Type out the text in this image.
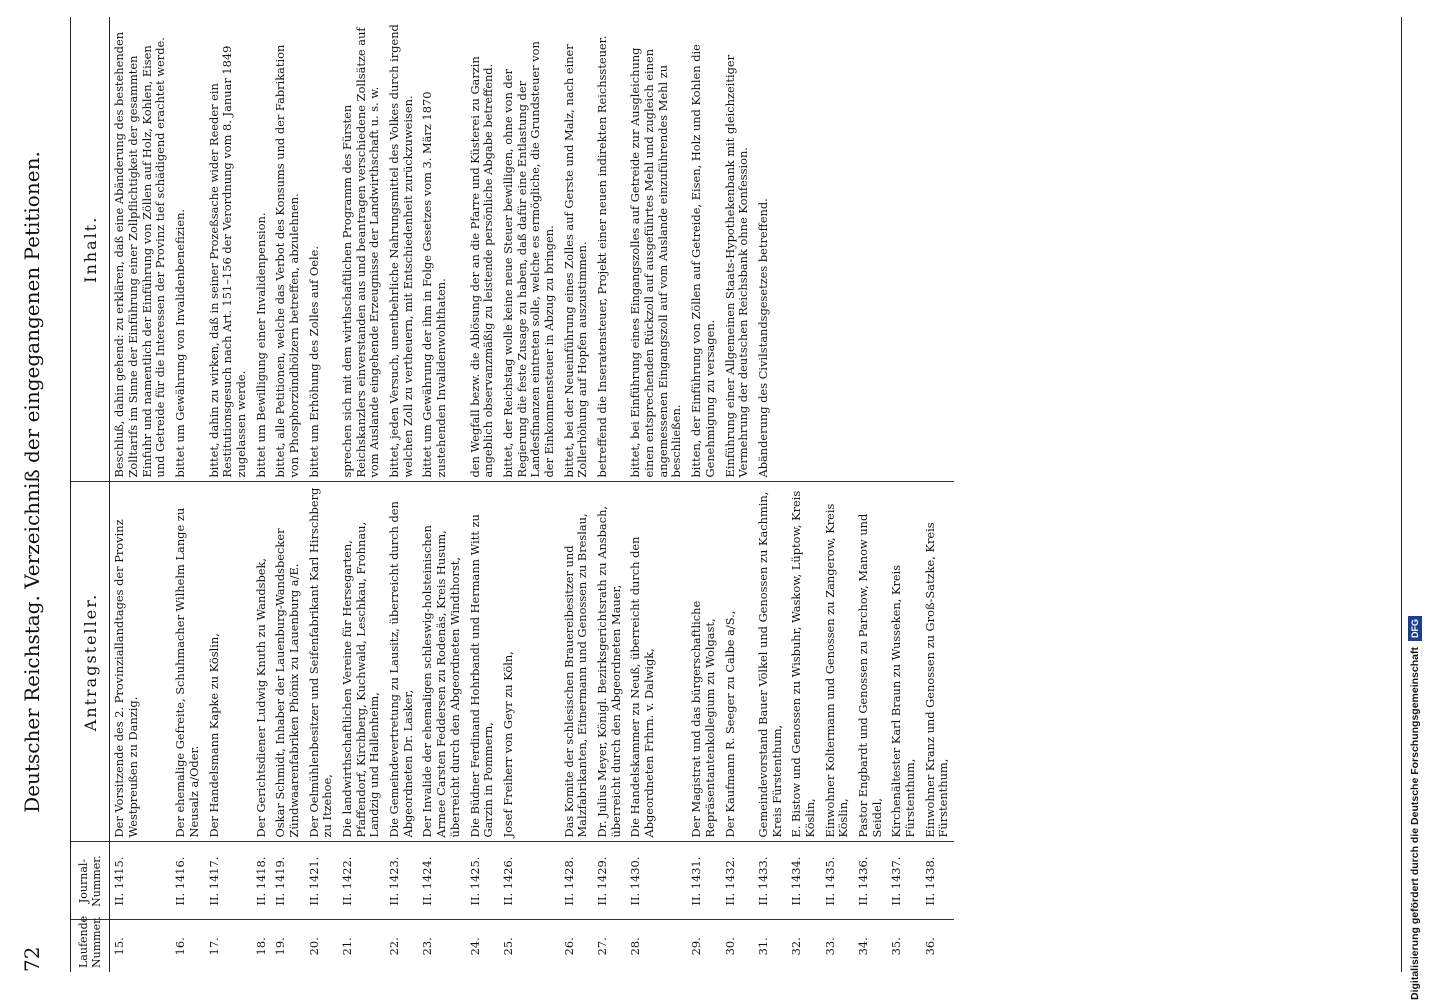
72
Deutscher Reichstag. Verzeichniß der eingegangenen Petitionen.
Laufende Nummer.	Journal-Nummer.	Antragsteller.	Inhalt.
15.	II. 1415.	Der Vorsitzende des 2. Provinziallandtages der Provinz Westpreußen zu Danzig.	Beschluß, dahin gehend: zu erklären, daß eine Abänderung des bestehenden Zolltarifs im Sinne der Einführung einer Zollpflichtigkeit der gesammten Einfuhr und namentlich der Einführung von Zöllen auf Holz, Kohlen, Eisen und Getreide für die Interessen der Provinz tief schädigend erachtet werde.
16.	II. 1416.	Der ehemalige Gefreite, Schuhmacher Wilhelm Lange zu Neusalz a/Oder.	bittet um Gewährung von Invalidenbenefizien.
17.	II. 1417.	Der Handelsmann Kapke zu Köslin,	bittet, dahin zu wirken, daß in seiner Prozeßsache wider Reeder ein Restitutionsgesuch nach Art. 151–156 der Verordnung vom 8. Januar 1849 zugelassen werde.
18.	II. 1418.	Der Gerichtsdiener Ludwig Knuth zu Wandsbek,	bittet um Bewilligung einer Invalidenpension.
19.	II. 1419.	Oskar Schmidt, Inhaber der Lauenburg-Wandsbecker Zündwaarenfabriken Phönix zu Lauenburg a/E.	bittet, alle Petitionen, welche das Verbot des Konsums und der Fabrikation von Phosphorzündhölzern betreffen, abzulehnen.
20.	II. 1421.	Der Oelmühlenbesitzer und Seifenfabrikant Karl Hirschberg zu Itzehoe,	bittet um Erhöhung des Zolles auf Oele.
21.	II. 1422.	Die landwirthschaftlichen Vereine für Hersegarten, Pfaffendorf, Kirchberg, Kuchwald, Leschkau, Frohnau, Landzig und Hallenheim,	sprechen sich mit dem wirthschaftlichen Programm des Fürsten Reichskanzlers einverstanden aus und beantragen verschiedene Zollsätze auf vom Auslande eingehende Erzeugnisse der Landwirthschaft u. s. w.
22.	II. 1423.	Die Gemeindevertretung zu Lausitz, überreicht durch den Abgeordneten Dr. Lasker,	bittet, jeden Versuch, unentbehrliche Nahrungsmittel des Volkes durch irgend welchen Zoll zu vertheuern, mit Entschiedenheit zurückzuweisen.
23.	II. 1424.	Der Invalide der ehemaligen schleswig-holsteinischen Armee Carsten Feddersen zu Rodenäs, Kreis Husum, überreicht durch den Abgeordneten Windthorst,	bittet um Gewährung der ihm in Folge Gesetzes vom 3. März 1870 zustehenden Invalidenwohlthaten.
24.	II. 1425.	Die Büdner Ferdinand Hohrbandt und Hermann Witt zu Garzin in Pommern,	den Wegfall bezw. die Ablösung der an die Pfarre und Küsterei zu Garzin angeblich observanzmäßig zu leistende persönliche Abgabe betreffend.
25.	II. 1426.	Josef Freiherr von Geyr zu Köln,	bittet, der Reichstag wolle keine neue Steuer bewilligen, ohne von der Regierung die feste Zusage zu haben, daß dafür eine Entlastung der Landesfinanzen eintreten solle, welche es ermögliche, die Grundsteuer von der Einkommensteuer in Abzug zu bringen.
26.	II. 1428.	Das Komite der schlesischen Brauereibesitzer und Malzfabrikanten, Eitnermann und Genossen zu Breslau,	bittet, bei der Neueinführung eines Zolles auf Gerste und Malz, nach einer Zollerhöhung auf Hopfen auszustimmen.
27.	II. 1429.	Dr. Julius Meyer, Königl. Bezirksgerichtsrath zu Ansbach, überreicht durch den Abgeordneten Mauer,	betreffend die Inseratensteuer, Projekt einer neuen indirekten Reichssteuer.
28.	II. 1430.	Die Handelskammer zu Neuß, überreicht durch den Abgeordneten Frhrn. v. Dalwigk,	bittet, bei Einführung eines Eingangszolles auf Getreide zur Ausgleichung einen entsprechenden Rückzoll auf ausgeführtes Mehl und zugleich einen angemessenen Eingangszoll auf vom Auslande einzuführendes Mehl zu beschließen.
29.	II. 1431.	Der Magistrat und das bürgerschaftliche Repräsentantenkollegium zu Wolgast,	bitten, der Einführung von Zöllen auf Getreide, Eisen, Holz und Kohlen die Genehmigung zu versagen.
30.	II. 1432.	Der Kaufmann R. Seeger zu Calbe a/S.,	Einführung einer Allgemeinen Staats-Hypothekenbank mit gleichzeitiger Vermehrung der deutschen Reichsbank ohne Konfession.
31.	II. 1433.	Gemeindevorstand Bauer Völkel und Genossen zu Kachmin, Kreis Fürstenthum,	Abänderung des Civilstandsgesetzes betreffend.
32.	II. 1434.	E. Bistow und Genossen zu Wisbuhr, Waskow, Lüptow, Kreis Köslin,	
33.	II. 1435.	Einwohner Koltermann und Genossen zu Zangerow, Kreis Köslin,	
34.	II. 1436.	Pastor Engbardt und Genossen zu Parchow, Manow und Seidel,	
35.	II. 1437.	Kirchenältester Karl Braun zu Wusseken, Kreis Fürstenthum,	
36.	II. 1438.	Einwohner Kranz und Genossen zu Groß-Satzke, Kreis Fürstenthum,		Digitalisierung gefördert durch die Deutsche Forschungsgemeinschaft
DFG
